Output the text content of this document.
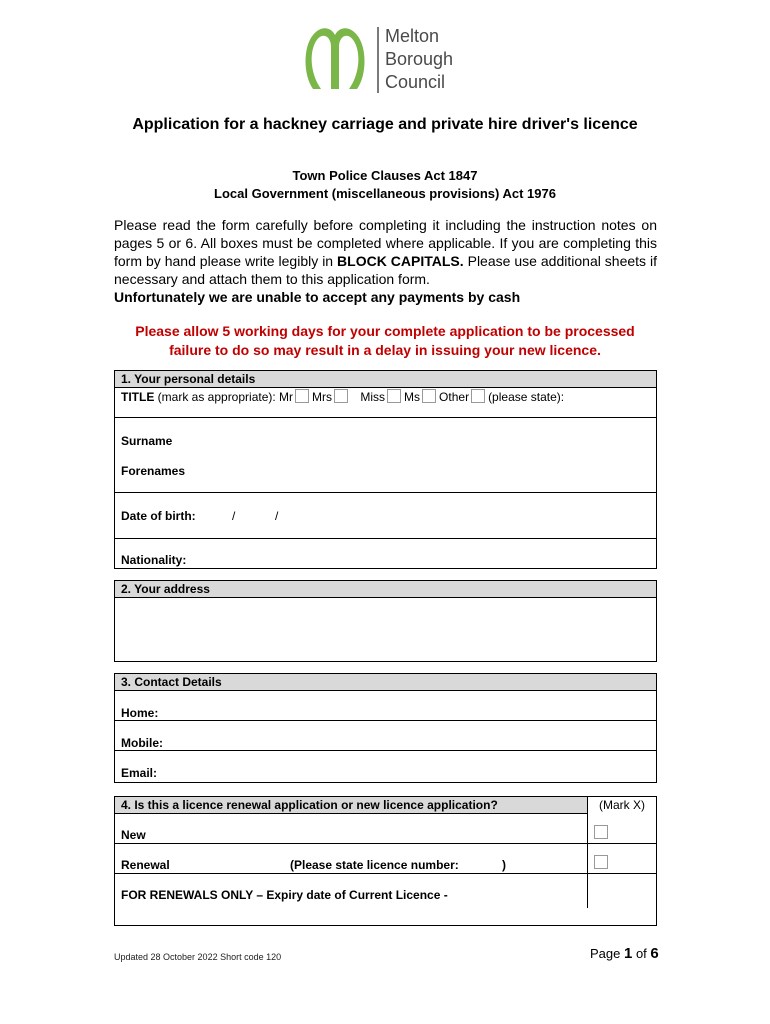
Melton
Borough
Council
Application for a hackney carriage and private hire driver's licence
Town Police Clauses Act 1847
Local Government (miscellaneous provisions) Act 1976
Please read the form carefully before completing it including the instruction notes on pages 5 or 6. All boxes must be completed where applicable. If you are completing this form by hand please write legibly in BLOCK CAPITALS. Please use additional sheets if necessary and attach them to this application form.
Unfortunately we are unable to accept any payments by cash
Please allow 5 working days for your complete application to be processed
failure to do so may result in a delay in issuing your new licence.
1. Your personal details
TITLE (mark as appropriate): Mr Mrs Miss Ms Other (please state):
Surname
Forenames
Date of birth:	/	/
Nationality:
2. Your address
3. Contact Details
Home:
Mobile:
Email:
4. Is this a licence renewal application or new licence application?	(Mark X)
New
Renewal	(Please state licence number:	)
FOR RENEWALS ONLY – Expiry date of Current Licence -
Updated 28 October 2022 Short code 120	Page 1 of 6
